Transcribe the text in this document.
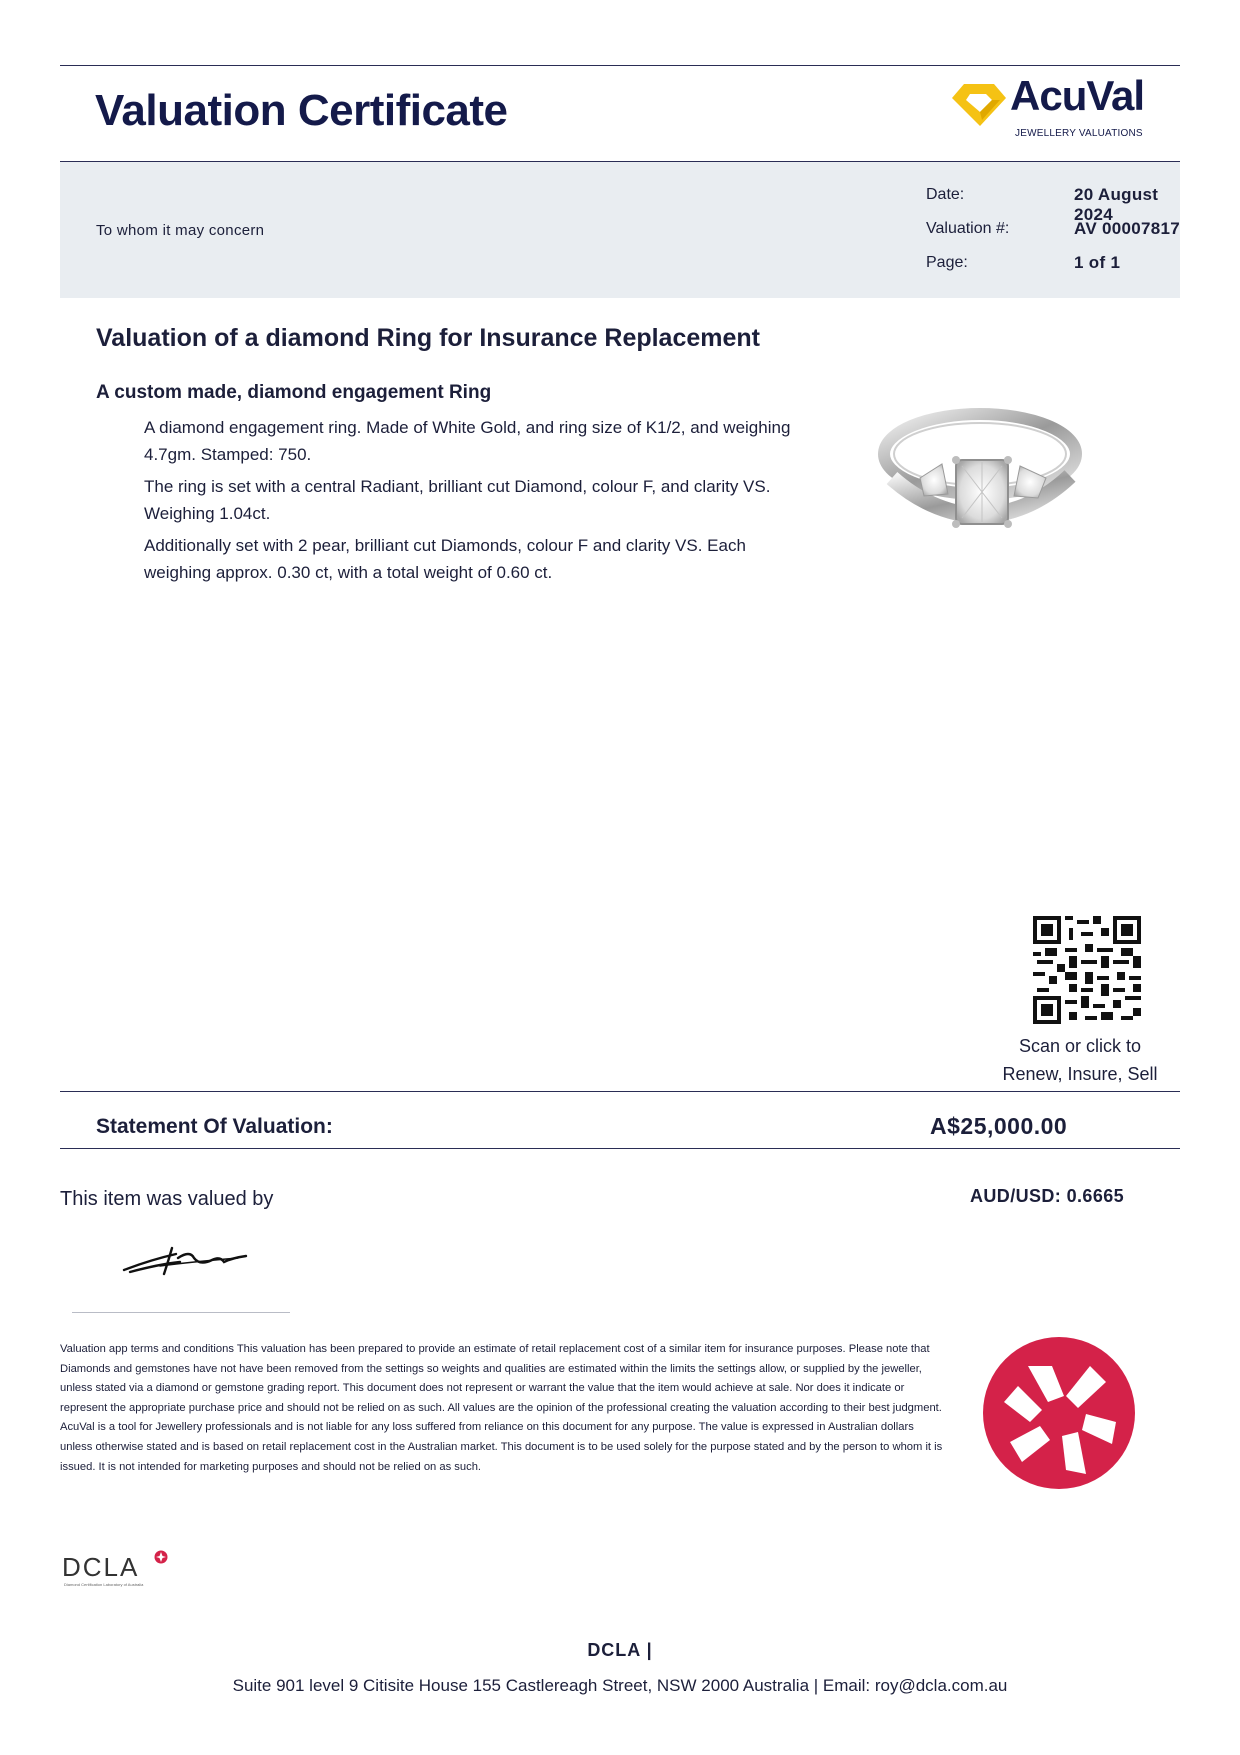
Valuation Certificate	AcuVal
JEWELLERY VALUATIONS
Date:	20 August 2024
Valuation #:	AV 00007817
Page:	1 of 1
To whom it may concern
Valuation of a diamond Ring for Insurance Replacement
A custom made, diamond engagement Ring

A diamond engagement ring. Made of White Gold, and ring size of K1/2, and weighing 4.7gm. Stamped: 750.

The ring is set with a central Radiant, brilliant cut Diamond, colour F, and clarity VS. Weighing 1.04ct.

Additionally set with 2 pear, brilliant cut Diamonds, colour F and clarity VS. Each weighing approx. 0.30 ct, with a total weight of 0.60 ct.

Scan or click to
Renew, Insure, Sell
Statement Of Valuation:	A$25,000.00
This item was valued by	AUD/USD: 0.6665

Valuation app terms and conditions This valuation has been prepared to provide an estimate of retail replacement cost of a similar item for insurance purposes. Please note that Diamonds and gemstones have not have been removed from the settings so weights and qualities are estimated within the limits the settings allow, or supplied by the jeweller, unless stated via a diamond or gemstone grading report. This document does not represent or warrant the value that the item would achieve at sale. Nor does it indicate or represent the appropriate purchase price and should not be relied on as such. All values are the opinion of the professional creating the valuation according to their best judgment. AcuVal is a tool for Jewellery professionals and is not liable for any loss suffered from reliance on this document for any purpose. The value is expressed in Australian dollars unless otherwise stated and is based on retail replacement cost in the Australian market. This document is to be used solely for the purpose stated and by the person to whom it is issued. It is not intended for marketing purposes and should not be relied on as such.

DCLA
Diamond Certification Laboratory of Australia
DCLA |
Suite 901 level 9 Citisite House 155 Castlereagh Street, NSW 2000 Australia | Email: roy@dcla.com.au
